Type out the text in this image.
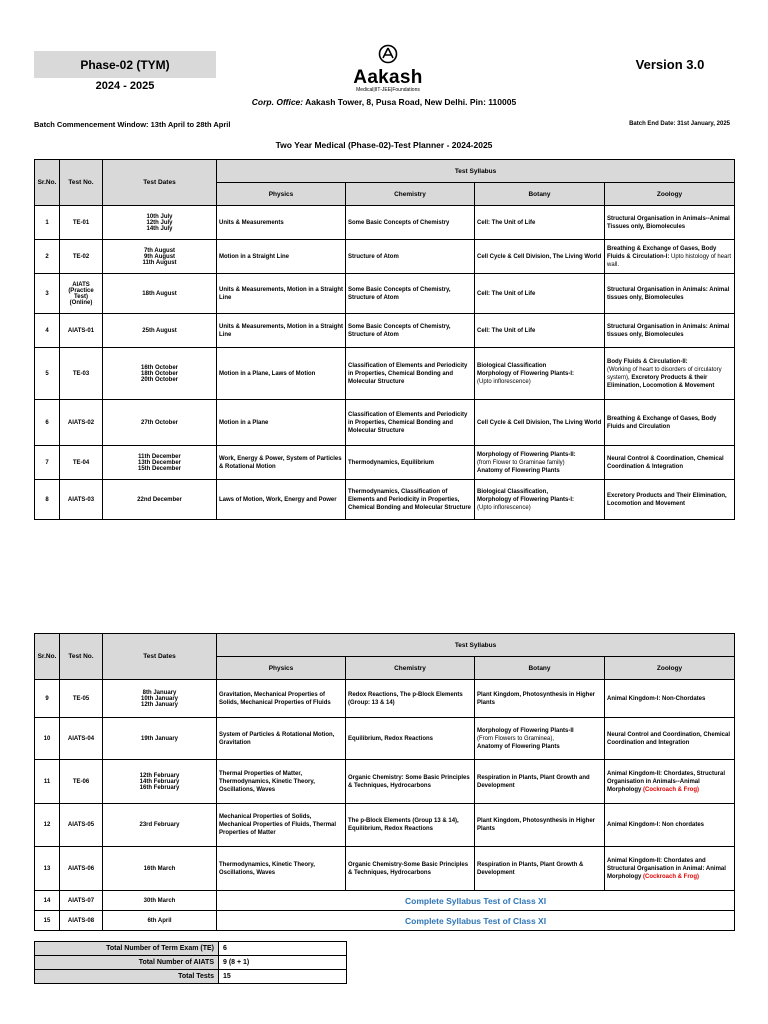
Phase-02 (TYM)
2024 - 2025	Aakash
Medical|IIT-JEE|Foundations
Version 3.0
Corp. Office: Aakash Tower, 8, Pusa Road, New Delhi. Pin: 110005
Batch Commencement Window: 13th April to 28th April	Batch End Date: 31st January, 2025
Two Year Medical (Phase-02)-Test Planner - 2024-2025
Sr.No.	Test No.	Test Dates	Test Syllabus			
			Physics	Chemistry	Botany	Zoology
1	TE-01	10th July
12th July
14th July	Units & Measurements	Some Basic Concepts of Chemistry	Cell: The Unit of Life	Structural Organisation in Animals--Animal Tissues only, Biomolecules
2	TE-02	7th August
9th August
11th August	Motion in a Straight Line	Structure of Atom	Cell Cycle & Cell Division, The Living World	Breathing & Exchange of Gases, Body Fluids & Circulation-I: Upto histology of heart wall.
3	AIATS (Practice Test) (Online)	18th August	Units & Measurements, Motion in a Straight Line	Some Basic Concepts of Chemistry, Structure of Atom	Cell: The Unit of Life	Structural Organisation in Animals: Animal tissues only, Biomolecules
4	AIATS-01	25th August	Units & Measurements, Motion in a Straight Line	Some Basic Concepts of Chemistry, Structure of Atom	Cell: The Unit of Life	Structural Organisation in Animals: Animal tissues only, Biomolecules
5	TE-03	16th October
18th October
20th October	Motion in a Plane, Laws of Motion	Classification of Elements and Periodicity in Properties, Chemical Bonding and Molecular Structure	Biological Classification
Morphology of Flowering Plants-I:
(Upto inflorescence)	Body Fluids & Circulation-II:
(Working of heart to disorders of circulatory system), Excretory Products & their Elimination, Locomotion & Movement
6	AIATS-02	27th October	Motion in a Plane	Classification of Elements and Periodicity in Properties, Chemical Bonding and Molecular Structure	Cell Cycle & Cell Division, The Living World	Breathing & Exchange of Gases, Body Fluids and Circulation
7	TE-04	11th December
13th December
15th December	Work, Energy & Power, System of Particles & Rotational Motion	Thermodynamics, Equilibrium	Morphology of Flowering Plants-II:
(from Flower to Graminae family)
Anatomy of Flowering Plants	Neural Control & Coordination, Chemical Coordination & Integration
8	AIATS-03	22nd December	Laws of Motion, Work, Energy and Power	Thermodynamics, Classification of Elements and Periodicity in Properties, Chemical Bonding and Molecular Structure	Biological Classification,
Morphology of Flowering Plants-I:
(Upto inflorescence)	Excretory Products and Their Elimination, Locomotion and Movement
Sr.No.	Test No.	Test Dates	Test Syllabus			
			Physics	Chemistry	Botany	Zoology
9	TE-05	8th January
10th January
12th January	Gravitation, Mechanical Properties of Solids, Mechanical Properties of Fluids	Redox Reactions, The p-Block Elements (Group: 13 & 14)	Plant Kingdom, Photosynthesis in Higher Plants	Animal Kingdom-I: Non-Chordates
10	AIATS-04	19th January	System of Particles & Rotational Motion, Gravitation	Equilibrium, Redox Reactions	Morphology of Flowering Plants-II
(From Flowers to Graminea),
Anatomy of Flowering Plants	Neural Control and Coordination, Chemical Coordination and Integration
11	TE-06	12th February
14th February
16th February	Thermal Properties of Matter, Thermodynamics, Kinetic Theory, Oscillations, Waves	Organic Chemistry: Some Basic Principles & Techniques, Hydrocarbons	Respiration in Plants, Plant Growth and Development	Animal Kingdom-II: Chordates, Structural Organisation in Animals--Animal Morphology (Cockroach & Frog)
12	AIATS-05	23rd February	Mechanical Properties of Solids, Mechanical Properties of Fluids, Thermal Properties of Matter	The p-Block Elements (Group 13 & 14), Equilibrium, Redox Reactions	Plant Kingdom, Photosynthesis in Higher Plants	Animal Kingdom-I: Non chordates
13	AIATS-06	16th March	Thermodynamics, Kinetic Theory, Oscillations, Waves	Organic Chemistry-Some Basic Principles & Techniques, Hydrocarbons	Respiration in Plants, Plant Growth & Development	Animal Kingdom-II: Chordates and Structural Organisation in Animal: Animal Morphology (Cockroach & Frog)
14	AIATS-07	30th March	Complete Syllabus Test of Class XI			
15	AIATS-08	6th April	Complete Syllabus Test of Class XI			
Total Number of Term Exam (TE)	6
Total Number of AIATS	9 (8 + 1)
Total Tests	15
